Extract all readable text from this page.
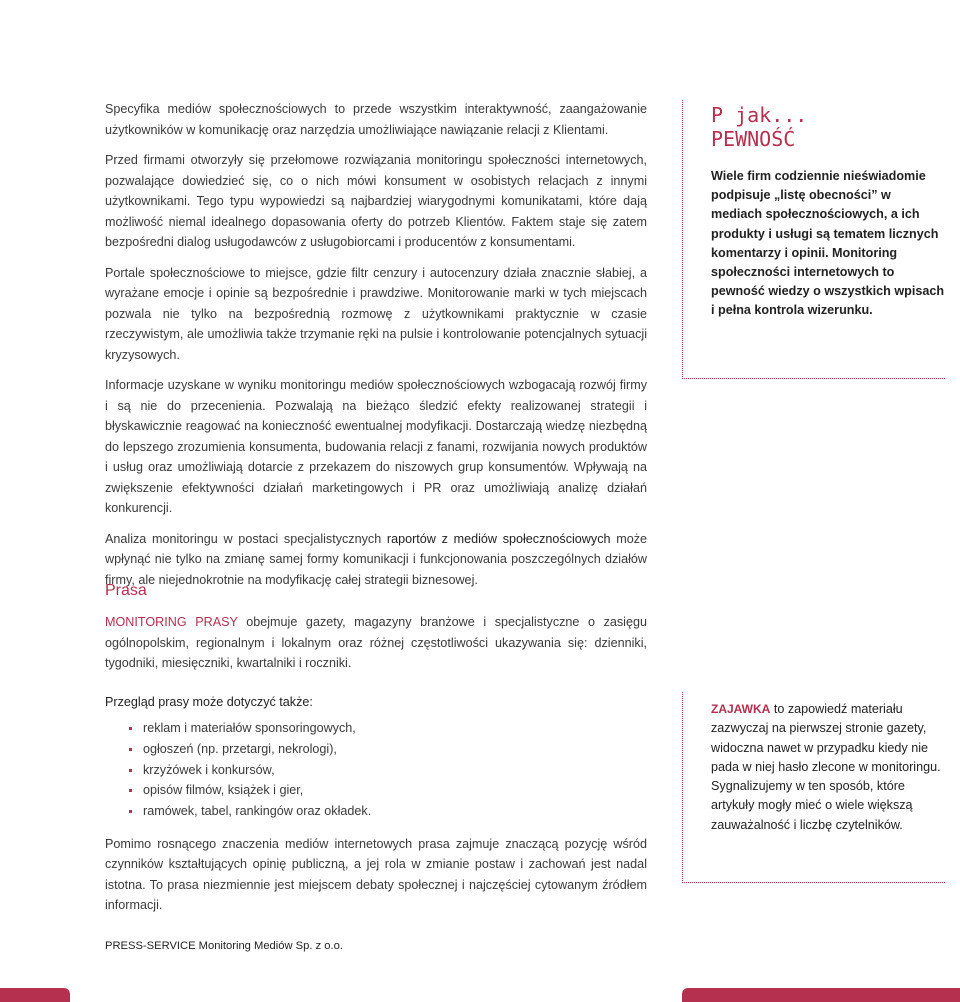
Specyfika mediów społecznościowych to przede wszystkim interaktywność, zaangażowanie użytkowników w komunikację oraz narzędzia umożliwiające nawiązanie relacji z Klientami.

Przed firmami otworzyły się przełomowe rozwiązania monitoringu społeczności internetowych, pozwalające dowiedzieć się, co o nich mówi konsument w osobistych relacjach z innymi użytkownikami. Tego typu wypowiedzi są najbardziej wiarygodnymi komunikatami, które dają możliwość niemal idealnego dopasowania oferty do potrzeb Klientów. Faktem staje się zatem bezpośredni dialog usługodawców z usługobiorcami i producentów z konsumentami.

Portale społecznościowe to miejsce, gdzie filtr cenzury i autocenzury działa znacznie słabiej, a wyrażane emocje i opinie są bezpośrednie i prawdziwe. Monitorowanie marki w tych miejscach pozwala nie tylko na bezpośrednią rozmowę z użytkownikami praktycznie w czasie rzeczywistym, ale umożliwia także trzymanie ręki na pulsie i kontrolowanie potencjalnych sytuacji kryzysowych.

Informacje uzyskane w wyniku monitoringu mediów społecznościowych wzbogacają rozwój firmy i są nie do przecenienia. Pozwalają na bieżąco śledzić efekty realizowanej strategii i błyskawicznie reagować na konieczność ewentualnej modyfikacji. Dostarczają wiedzę niezbędną do lepszego zrozumienia konsumenta, budowania relacji z fanami, rozwijania nowych produktów i usług oraz umożliwiają dotarcie z przekazem do niszowych grup konsumentów. Wpływają na zwiększenie efektywności działań marketingowych i PR oraz umożliwiają analizę działań konkurencji.

Analiza monitoringu w postaci specjalistycznych raportów z mediów społecznościowych może wpłynąć nie tylko na zmianę samej formy komunikacji i funkcjonowania poszczególnych działów firmy, ale niejednokrotnie na modyfikację całej strategii biznesowej.

P jak...
PEWNOŚĆ

Wiele firm codziennie nieświadomie podpisuje „listę obecności” w mediach społecznościowych, a ich produkty i usługi są tematem licznych komentarzy i opinii. Monitoring społeczności internetowych to pewność wiedzy o wszystkich wpisach i pełna kontrola wizerunku.

Prasa

MONITORING PRASY obejmuje gazety, magazyny branżowe i specjalistyczne o zasięgu ogólnopolskim, regionalnym i lokalnym oraz różnej częstotliwości ukazywania się: dzienniki, tygodniki, miesięczniki, kwartalniki i roczniki.

Przegląd prasy może dotyczyć także:

reklam i materiałów sponsoringowych,
ogłoszeń (np. przetargi, nekrologi),
krzyżówek i konkursów,
opisów filmów, książek i gier,
ramówek, tabel, rankingów oraz okładek.

Pomimo rosnącego znaczenia mediów internetowych prasa zajmuje znaczącą pozycję wśród czynników kształtujących opinię publiczną, a jej rola w zmianie postaw i zachowań jest nadal istotna. To prasa niezmiennie jest miejscem debaty społecznej i najczęściej cytowanym źródłem informacji.

ZAJAWKA to zapowiedź materiału zazwyczaj na pierwszej stronie gazety, widoczna nawet w przypadku kiedy nie pada w niej hasło zlecone w monitoringu. Sygnalizujemy w ten sposób, które artykuły mogły mieć o wiele większą zauważalność i liczbę czytelników.

PRESS-SERVICE Monitoring Mediów Sp. z o.o.
